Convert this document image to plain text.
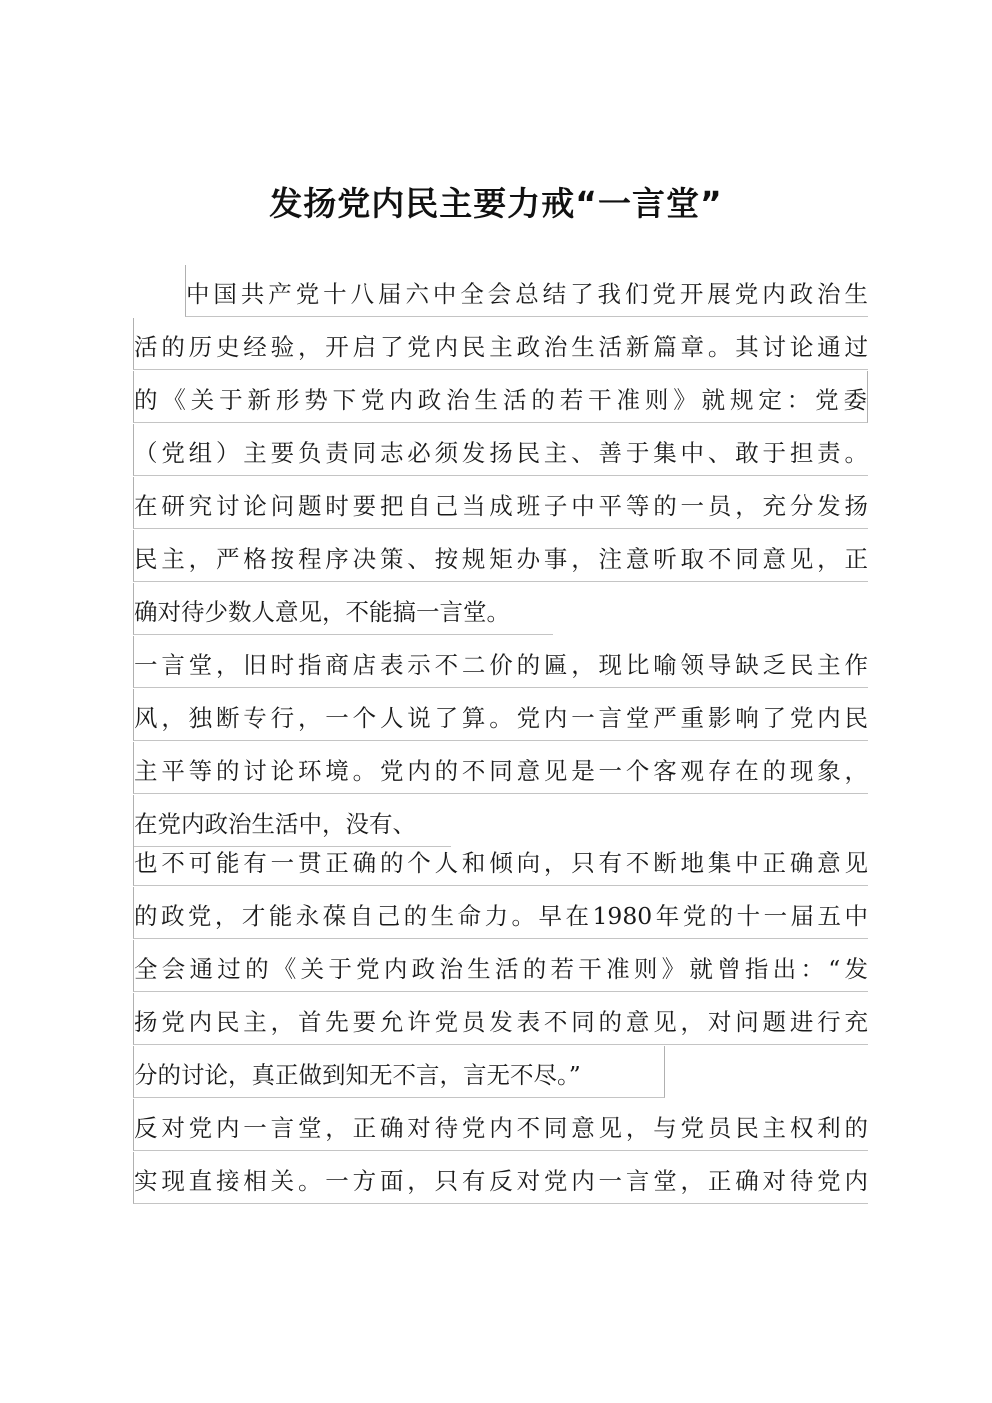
发扬党内民主要力戒“一言堂”
中国共产党十八届六中全会总结了我们党开展党内政治生
活的历史经验，开启了党内民主政治生活新篇章。其讨论通过
的《关于新形势下党内政治生活的若干准则》就规定：党委
（党组）主要负责同志必须发扬民主、善于集中、敢于担责。
在研究讨论问题时要把自己当成班子中平等的一员，充分发扬
民主，严格按程序决策、按规矩办事，注意听取不同意见，正
确对待少数人意见，不能搞一言堂。
一言堂，旧时指商店表示不二价的匾，现比喻领导缺乏民主作
风，独断专行，一个人说了算。党内一言堂严重影响了党内民
主平等的讨论环境。党内的不同意见是一个客观存在的现象，
在党内政治生活中，没有、
也不可能有一贯正确的个人和倾向，只有不断地集中正确意见
的政党，才能永葆自己的生命力。早在1980年党的十一届五中
全会通过的《关于党内政治生活的若干准则》就曾指出：“发
扬党内民主，首先要允许党员发表不同的意见，对问题进行充
分的讨论，真正做到知无不言，言无不尽。”
反对党内一言堂，正确对待党内不同意见，与党员民主权利的
实现直接相关。一方面，只有反对党内一言堂，正确对待党内
